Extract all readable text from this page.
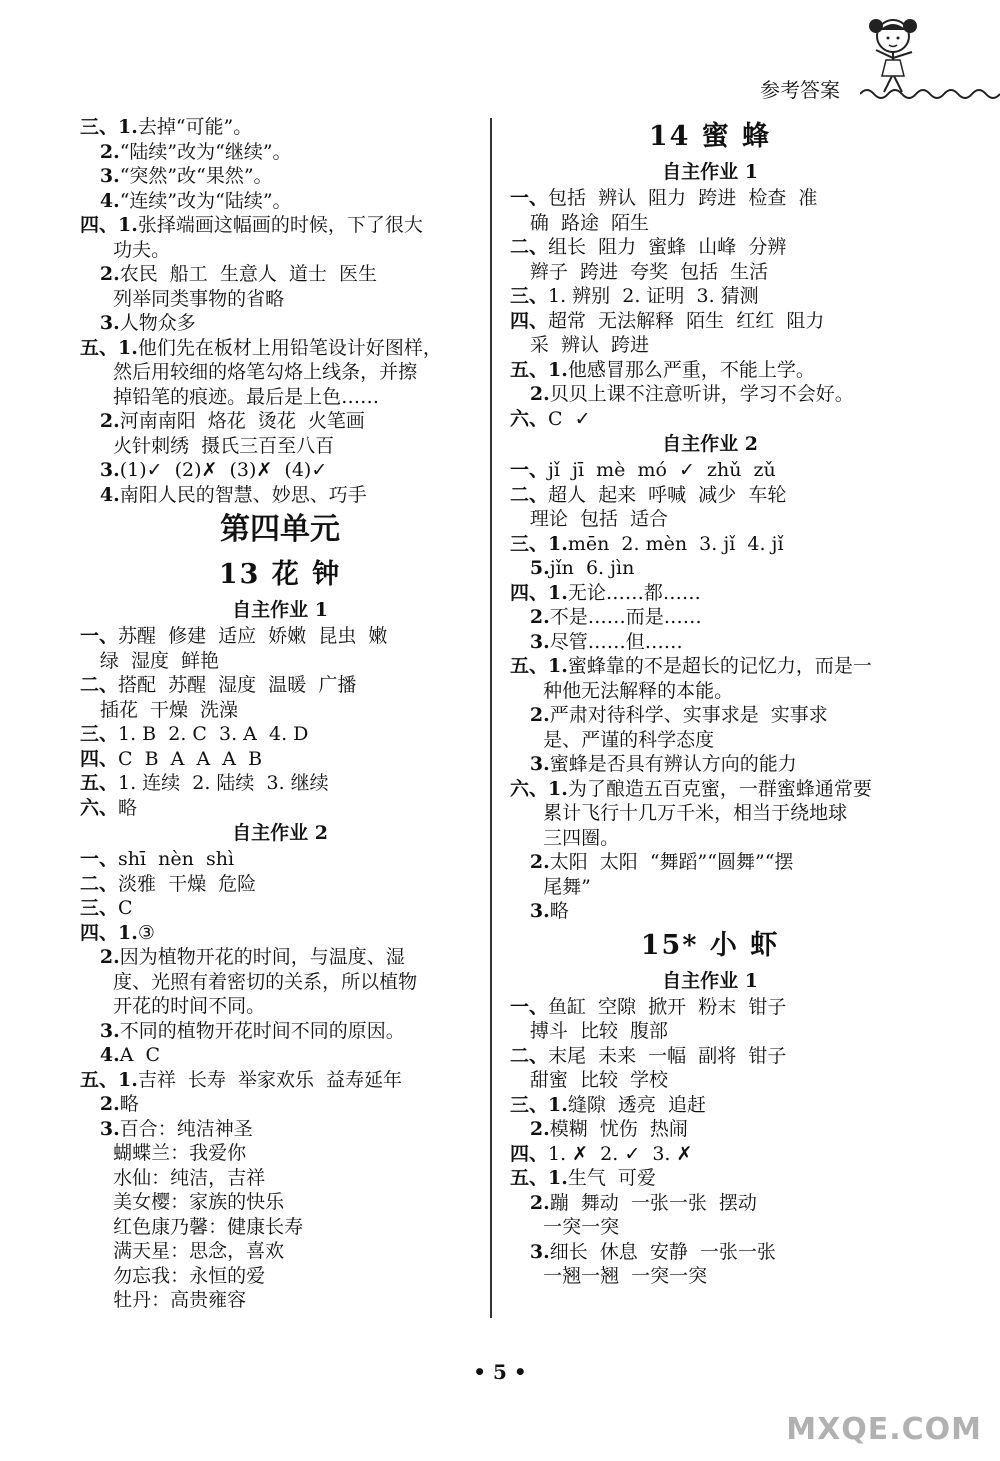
参考答案
三、1.去掉“可能”。
2.“陆续”改为“继续”。
3.“突然”改“果然”。
4.“连续”改为“陆续”。
四、1.张择端画这幅画的时候，下了很大
功夫。
2.农民  船工  生意人  道士  医生
列举同类事物的省略
3.人物众多
五、1.他们先在板材上用铅笔设计好图样，
然后用较细的烙笔勾烙上线条，并擦
掉铅笔的痕迹。最后是上色……
2.河南南阳  烙花  烫花  火笔画
火针刺绣  摄氏三百至八百
3.(1)✓  (2)✗  (3)✗  (4)✓
4.南阳人民的智慧、妙思、巧手
第四单元
13 花 钟
自主作业 1
一、苏醒  修建  适应  娇嫩  昆虫  嫩
绿  湿度  鲜艳
二、搭配  苏醒  湿度  温暖  广播
插花  干燥  洗澡
三、1. B  2. C  3. A  4. D
四、C  B  A  A  A  B
五、1. 连续  2. 陆续  3. 继续
六、略
自主作业 2
一、shī  nèn  shì
二、淡雅  干燥  危险
三、C
四、1.③
2.因为植物开花的时间，与温度、湿
度、光照有着密切的关系，所以植物
开花的时间不同。
3.不同的植物开花时间不同的原因。
4.A  C
五、1.吉祥  长寿  举家欢乐  益寿延年
2.略
3.百合：纯洁神圣
蝴蝶兰：我爱你
水仙：纯洁，吉祥
美女樱：家族的快乐
红色康乃馨：健康长寿
满天星：思念，喜欢
勿忘我：永恒的爱
牡丹：高贵雍容
14 蜜 蜂
自主作业 1
一、包括  辨认  阻力  跨进  检查  准
确  路途  陌生
二、组长  阻力  蜜蜂  山峰  分辨
辫子  跨进  夸奖  包括  生活
三、1. 辨别  2. 证明  3. 猜测
四、超常  无法解释  陌生  红红  阻力
采  辨认  跨进
五、1.他感冒那么严重，不能上学。
2.贝贝上课不注意听讲，学习不会好。
六、C  ✓
自主作业 2
一、jǐ  jī  mè  mó  ✓  zhǔ  zǔ
二、超人  起来  呼喊  减少  车轮
理论  包括  适合
三、1.mēn  2. mèn  3. jǐ  4. jǐ
5.jǐn  6. jìn
四、1.无论……都……
2.不是……而是……
3.尽管……但……
五、1.蜜蜂靠的不是超长的记忆力，而是一
种他无法解释的本能。
2.严肃对待科学、实事求是  实事求
是、严谨的科学态度
3.蜜蜂是否具有辨认方向的能力
六、1.为了酿造五百克蜜，一群蜜蜂通常要
累计飞行十几万千米，相当于绕地球
三四圈。
2.太阳  太阳  “舞蹈”“圆舞”“摆
尾舞”
3.略
15* 小 虾
自主作业 1
一、鱼缸  空隙  掀开  粉末  钳子
搏斗  比较  腹部
二、末尾  未来  一幅  副将  钳子
甜蜜  比较  学校
三、1.缝隙  透亮  追赶
2.模糊  忧伤  热闹
四、1. ✗  2. ✓  3. ✗
五、1.生气  可爱
2.蹦  舞动  一张一张  摆动
一突一突
3.细长  休息  安静  一张一张
一翘一翘  一突一突
• 5 •
MXQE.COM
